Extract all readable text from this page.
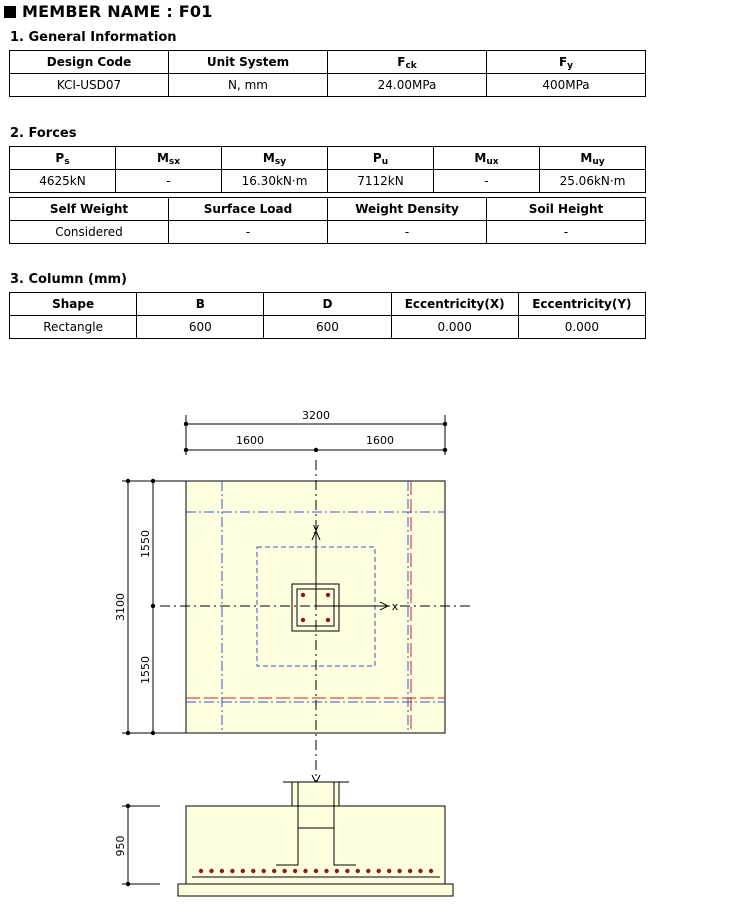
MEMBER NAME : F01
1. General Information
Design Code	Unit System	$F_{ck}$	$F_y$
KCI-USD07	N, mm	24.00MPa	400MPa
2. Forces
$P_s$	$M_{sx}$	$M_{sy}$	$P_u$	$M_{ux}$	$M_{uy}$
4625kN	-	16.30kN·m	7112kN	-	25.06kN·m
Self Weight	Surface Load	Weight Density	Soil Height
Considered	-	-	-
3. Column (mm)
Shape	B	D	Eccentricity(X)	Eccentricity(Y)
Rectangle	600	600	0.000	0.000
3200
1600	1600
3100
1550
1550
x
y
950
